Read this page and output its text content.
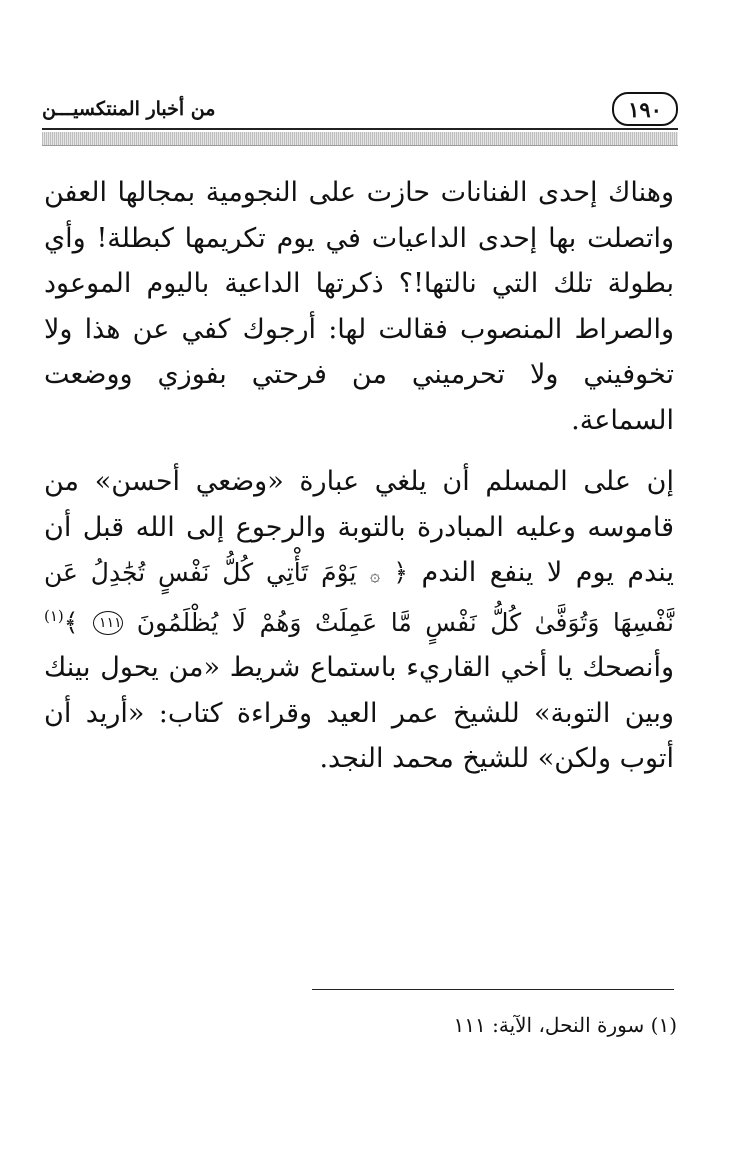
١٩٠
من أخبار المنتكسيـــن

وهناك إحدى الفنانات حازت على النجومية بمجالها العفن واتصلت بها إحدى الداعيات في يوم تكريمها كبطلة! وأي بطولة تلك التي نالتها!؟ ذكرتها الداعية باليوم الموعود والصراط المنصوب فقالت لها: أرجوك كفي عن هذا ولا تخوفيني ولا تحرميني من فرحتي بفوزي ووضعت السماعة.

إن على المسلم أن يلغي عبارة «وضعي أحسن» من قاموسه وعليه المبادرة بالتوبة والرجوع إلى الله قبل أن يندم يوم لا ينفع الندم ﴿ ۞ يَوْمَ تَأْتِي كُلُّ نَفْسٍ تُجَٰدِلُ عَن نَّفْسِهَا وَتُوَفَّىٰ كُلُّ نَفْسٍ مَّا عَمِلَتْ وَهُمْ لَا يُظْلَمُونَ ١١١ ﴾$^{(١)}$ وأنصحك يا أخي القاريء باستماع شريط «من يحول بينك وبين التوبة» للشيخ عمر العيد وقراءة كتاب: «أريد أن أتوب ولكن» للشيخ محمد النجد.

(١) سورة النحل، الآية: ١١١
